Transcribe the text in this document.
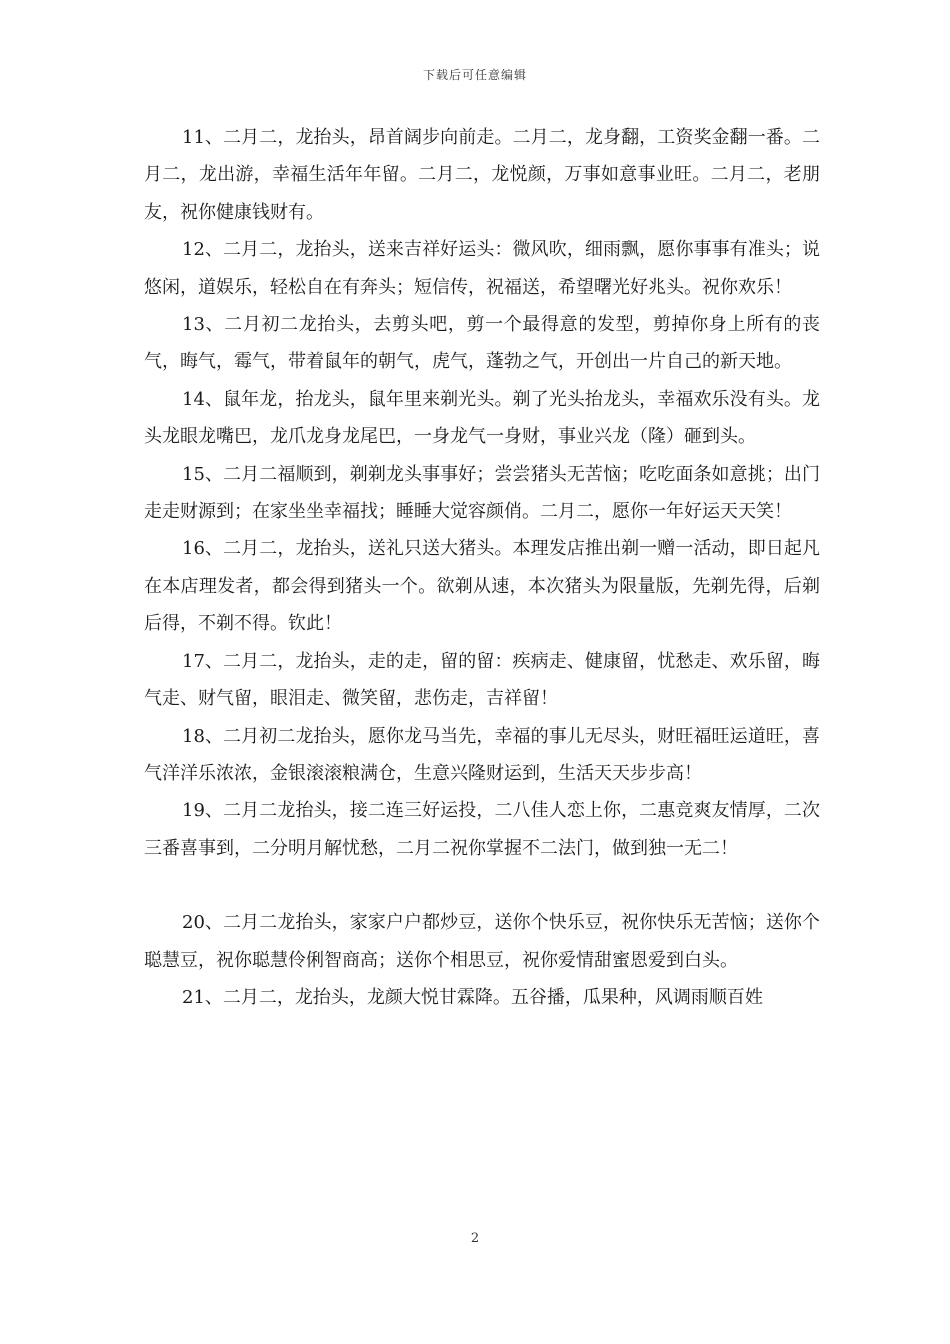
下载后可任意编辑

11、二月二，龙抬头，昂首阔步向前走。二月二，龙身翻，工资奖金翻一番。二月二，龙出游，幸福生活年年留。二月二，龙悦颜，万事如意事业旺。二月二，老朋友，祝你健康钱财有。

12、二月二，龙抬头，送来吉祥好运头：微风吹，细雨飘，愿你事事有准头；说悠闲，道娱乐，轻松自在有奔头；短信传，祝福送，希望曙光好兆头。祝你欢乐！

13、二月初二龙抬头，去剪头吧，剪一个最得意的发型，剪掉你身上所有的丧气，晦气，霉气，带着鼠年的朝气，虎气，蓬勃之气，开创出一片自己的新天地。

14、鼠年龙，抬龙头，鼠年里来剃光头。剃了光头抬龙头，幸福欢乐没有头。龙头龙眼龙嘴巴，龙爪龙身龙尾巴，一身龙气一身财，事业兴龙（隆）砸到头。

15、二月二福顺到，剃剃龙头事事好；尝尝猪头无苦恼；吃吃面条如意挑；出门走走财源到；在家坐坐幸福找；睡睡大觉容颜俏。二月二，愿你一年好运天天笑！

16、二月二，龙抬头，送礼只送大猪头。本理发店推出剃一赠一活动，即日起凡在本店理发者，都会得到猪头一个。欲剃从速，本次猪头为限量版，先剃先得，后剃后得，不剃不得。钦此！

17、二月二，龙抬头，走的走，留的留：疾病走、健康留，忧愁走、欢乐留，晦气走、财气留，眼泪走、微笑留，悲伤走，吉祥留！

18、二月初二龙抬头，愿你龙马当先，幸福的事儿无尽头，财旺福旺运道旺，喜气洋洋乐浓浓，金银滚滚粮满仓，生意兴隆财运到，生活天天步步高！

19、二月二龙抬头，接二连三好运投，二八佳人恋上你，二惠竞爽友情厚，二次三番喜事到，二分明月解忧愁，二月二祝你掌握不二法门，做到独一无二！

20、二月二龙抬头，家家户户都炒豆，送你个快乐豆，祝你快乐无苦恼；送你个聪慧豆，祝你聪慧伶俐智商高；送你个相思豆，祝你爱情甜蜜恩爱到白头。

21、二月二，龙抬头，龙颜大悦甘霖降。五谷播，瓜果种，风调雨顺百姓

2
